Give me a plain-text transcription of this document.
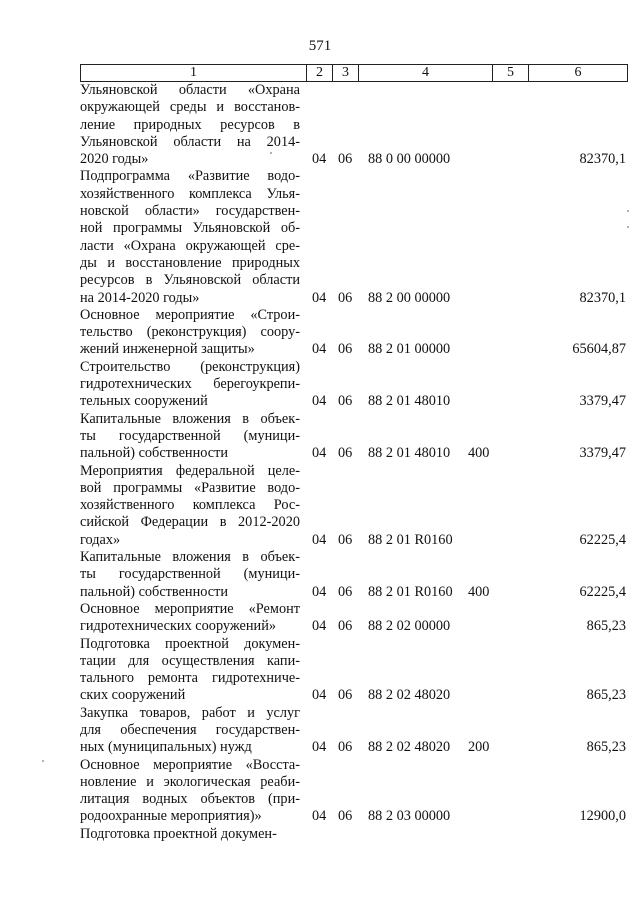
571
1	2	3	4	5	6
Ульяновской области «Охрана
окружающей среды и восстанов-
ление природных ресурсов в
Ульяновской области на 2014-
2020 годы»	04 06 88 0 00 00000	82370,1
Подпрограмма «Развитие водо-
хозяйственного комплекса Улья-
новской области» государствен-
ной программы Ульяновской об-
ласти «Охрана окружающей сре-
ды и восстановление природных
ресурсов в Ульяновской области
на 2014-2020 годы»	04 06 88 2 00 00000	82370,1
Основное мероприятие «Строи-
тельство (реконструкция) соору-
жений инженерной защиты»	04 06 88 2 01 00000	65604,87
Строительство (реконструкция)
гидротехнических берегоукрепи-
тельных сооружений	04 06 88 2 01 48010	3379,47
Капитальные вложения в объек-
ты государственной (муници-
пальной) собственности	04 06 88 2 01 48010 400	3379,47
Мероприятия федеральной целе-
вой программы «Развитие водо-
хозяйственного комплекса Рос-
сийской Федерации в 2012-2020
годах»	04 06 88 2 01 R0160	62225,4
Капитальные вложения в объек-
ты государственной (муници-
пальной) собственности	04 06 88 2 01 R0160 400	62225,4
Основное мероприятие «Ремонт
гидротехнических сооружений»	04 06 88 2 02 00000	865,23
Подготовка проектной докумен-
тации для осуществления капи-
тального ремонта гидротехниче-
ских сооружений	04 06 88 2 02 48020	865,23
Закупка товаров, работ и услуг
для обеспечения государствен-
ных (муниципальных) нужд	04 06 88 2 02 48020 200	865,23
Основное мероприятие «Восста-
новление и экологическая реаби-
литация водных объектов (при-
родоохранные мероприятия)»	04 06 88 2 03 00000	12900,0
Подготовка проектной докумен-
